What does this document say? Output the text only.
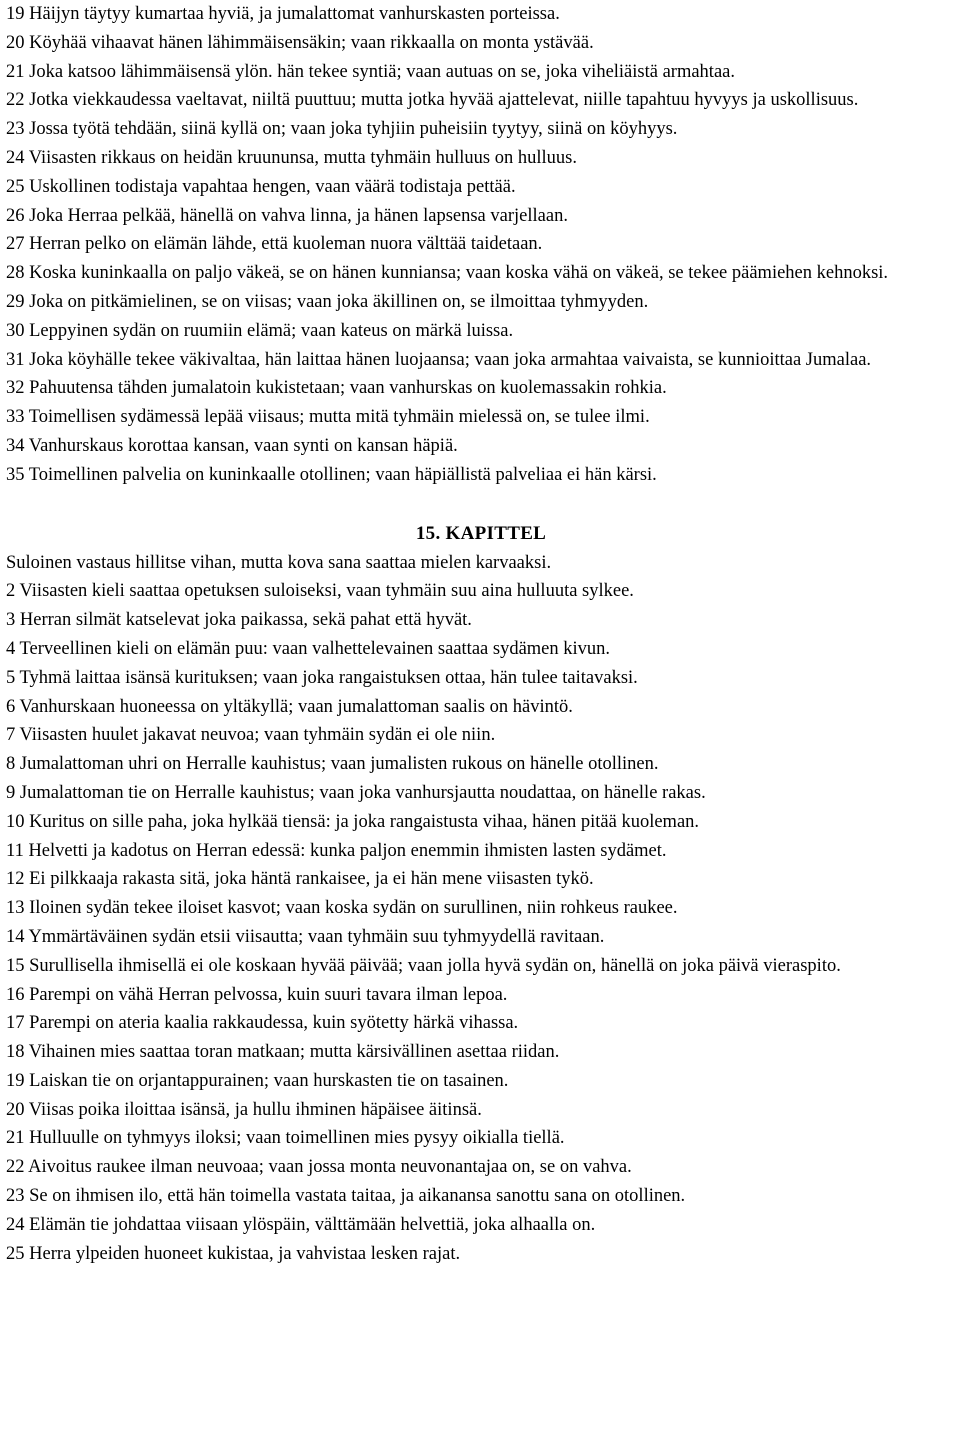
19 Häijyn täytyy kumartaa hyviä, ja jumalattomat vanhurskasten porteissa.

20 Köyhää vihaavat hänen lähimmäisensäkin; vaan rikkaalla on monta ystävää.

21 Joka katsoo lähimmäisensä ylön. hän tekee syntiä; vaan autuas on se, joka viheliäistä armahtaa.

22 Jotka viekkaudessa vaeltavat, niiltä puuttuu; mutta jotka hyvää ajattelevat, niille tapahtuu hyvyys ja uskollisuus.

23 Jossa työtä tehdään, siinä kyllä on; vaan joka tyhjiin puheisiin tyytyy, siinä on köyhyys.

24 Viisasten rikkaus on heidän kruununsa, mutta tyhmäin hulluus on hulluus.

25 Uskollinen todistaja vapahtaa hengen, vaan väärä todistaja pettää.

26 Joka Herraa pelkää, hänellä on vahva linna, ja hänen lapsensa varjellaan.

27 Herran pelko on elämän lähde, että kuoleman nuora välttää taidetaan.

28 Koska kuninkaalla on paljo väkeä, se on hänen kunniansa; vaan koska vähä on väkeä, se tekee päämiehen kehnoksi.

29 Joka on pitkämielinen, se on viisas; vaan joka äkillinen on, se ilmoittaa tyhmyyden.

30 Leppyinen sydän on ruumiin elämä; vaan kateus on märkä luissa.

31 Joka köyhälle tekee väkivaltaa, hän laittaa hänen luojaansa; vaan joka armahtaa vaivaista, se kunnioittaa Jumalaa.

32 Pahuutensa tähden jumalatoin kukistetaan; vaan vanhurskas on kuolemassakin rohkia.

33 Toimellisen sydämessä lepää viisaus; mutta mitä tyhmäin mielessä on, se tulee ilmi.

34 Vanhurskaus korottaa kansan, vaan synti on kansan häpiä.

35 Toimellinen palvelia on kuninkaalle otollinen; vaan häpiällistä palveliaa ei hän kärsi.

15. KAPITTEL

Suloinen vastaus hillitse vihan, mutta kova sana saattaa mielen karvaaksi.

2 Viisasten kieli saattaa opetuksen suloiseksi, vaan tyhmäin suu aina hulluuta sylkee.

3 Herran silmät katselevat joka paikassa, sekä pahat että hyvät.

4 Terveellinen kieli on elämän puu: vaan valhettelevainen saattaa sydämen kivun.

5 Tyhmä laittaa isänsä kurituksen; vaan joka rangaistuksen ottaa, hän tulee taitavaksi.

6 Vanhurskaan huoneessa on yltäkyllä; vaan jumalattoman saalis on hävintö.

7 Viisasten huulet jakavat neuvoa; vaan tyhmäin sydän ei ole niin.

8 Jumalattoman uhri on Herralle kauhistus; vaan jumalisten rukous on hänelle otollinen.

9 Jumalattoman tie on Herralle kauhistus; vaan joka vanhursjautta noudattaa, on hänelle rakas.

10 Kuritus on sille paha, joka hylkää tiensä: ja joka rangaistusta vihaa, hänen pitää kuoleman.

11 Helvetti ja kadotus on Herran edessä: kunka paljon enemmin ihmisten lasten sydämet.

12 Ei pilkkaaja rakasta sitä, joka häntä rankaisee, ja ei hän mene viisasten tykö.

13 Iloinen sydän tekee iloiset kasvot; vaan koska sydän on surullinen, niin rohkeus raukee.

14 Ymmärtäväinen sydän etsii viisautta; vaan tyhmäin suu tyhmyydellä ravitaan.

15 Surullisella ihmisellä ei ole koskaan hyvää päivää; vaan jolla hyvä sydän on, hänellä on joka päivä vieraspito.

16 Parempi on vähä Herran pelvossa, kuin suuri tavara ilman lepoa.

17 Parempi on ateria kaalia rakkaudessa, kuin syötetty härkä vihassa.

18 Vihainen mies saattaa toran matkaan; mutta kärsivällinen asettaa riidan.

19 Laiskan tie on orjantappurainen; vaan hurskasten tie on tasainen.

20 Viisas poika iloittaa isänsä, ja hullu ihminen häpäisee äitinsä.

21 Hulluulle on tyhmyys iloksi; vaan toimellinen mies pysyy oikialla tiellä.

22 Aivoitus raukee ilman neuvoaa; vaan jossa monta neuvonantajaa on, se on vahva.

23 Se on ihmisen ilo, että hän toimella vastata taitaa, ja aikanansa sanottu sana on otollinen.

24 Elämän tie johdattaa viisaan ylöspäin, välttämään helvettiä, joka alhaalla on.

25 Herra ylpeiden huoneet kukistaa, ja vahvistaa lesken rajat.
